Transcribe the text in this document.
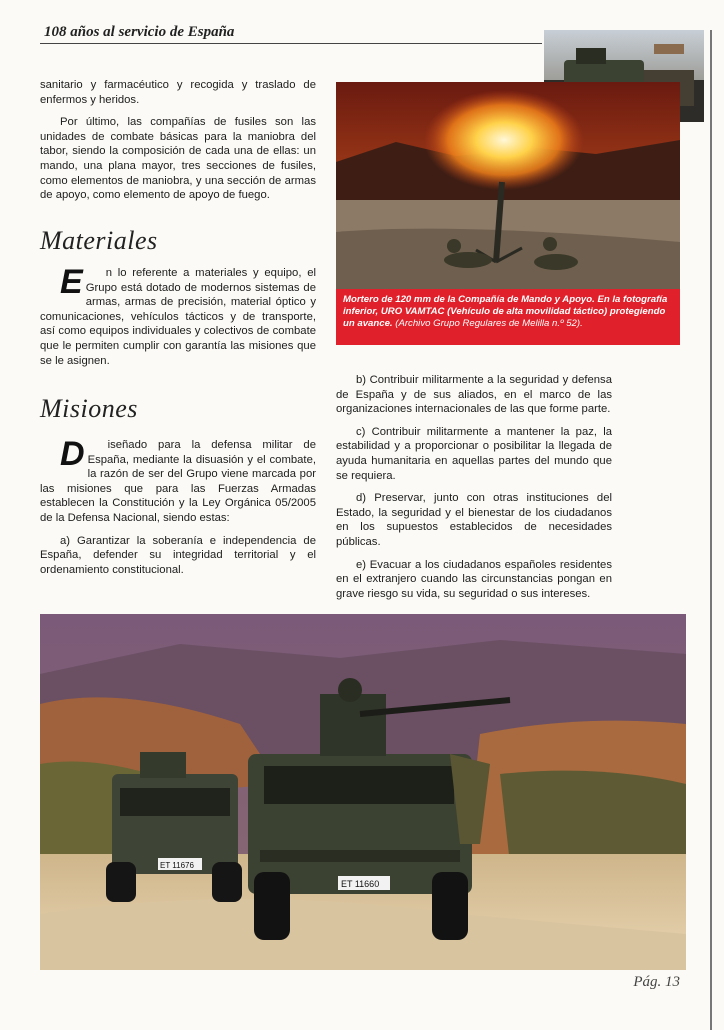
108 años al servicio de España
Mortero de 120 mm de la Compañía de Mando y Apoyo. En la fotografía inferior, URO VAMTAC (Vehículo de alta movilidad táctico) protegiendo un avance. (Archivo Grupo Regulares de Melilla n.º 52).

sanitario y farmacéutico y recogida y traslado de enfermos y heridos.

Por último, las compañías de fusiles son las unidades de combate básicas para la maniobra del tabor, siendo la composición de cada una de ellas: un mando, una plana mayor, tres secciones de fusiles, como elementos de maniobra, y una sección de armas de apoyo, como elemento de apoyo de fuego.

Materiales

E n lo referente a materiales y equipo, el Grupo está dotado de modernos sistemas de armas, armas de precisión, material óptico y comunicaciones, vehículos tácticos y de transporte, así como equipos individuales y colectivos de combate que le permiten cumplir con garantía las misiones que se le asignen.

Misiones

D iseñado para la defensa militar de España, mediante la disuasión y el combate, la razón de ser del Grupo viene marcada por las misiones que para las Fuerzas Armadas establecen la Constitución y la Ley Orgánica 05/2005 de la Defensa Nacional, siendo estas:

a) Garantizar la soberanía e independencia de España, defender su integridad territorial y el ordenamiento constitucional.

b) Contribuir militarmente a la seguridad y defensa de España y de sus aliados, en el marco de las organizaciones internacionales de las que forme parte.

c) Contribuir militarmente a mantener la paz, la estabilidad y a proporcionar o posibilitar la llegada de ayuda humanitaria en aquellas partes del mundo que se requiera.

d) Preservar, junto con otras instituciones del Estado, la seguridad y el bienestar de los ciudadanos en los supuestos establecidos de necesidades públicas.

e) Evacuar a los ciudadanos españoles residentes en el extranjero cuando las circunstancias pongan en grave riesgo su vida, su seguridad o sus intereses.

ET 11676
ET 11660
Pág. 13
